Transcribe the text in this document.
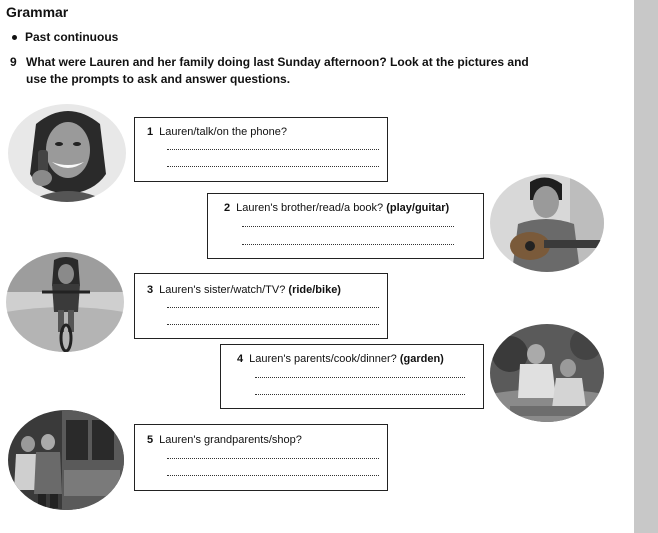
Grammar
Past continuous
9 What were Lauren and her family doing last Sunday afternoon? Look at the pictures and
use the prompts to ask and answer questions.
1 Lauren/talk/on the phone?
2 Lauren's brother/read/a book? (play/guitar)
3 Lauren's sister/watch/TV? (ride/bike)
4 Lauren's parents/cook/dinner? (garden)
5 Lauren's grandparents/shop?
